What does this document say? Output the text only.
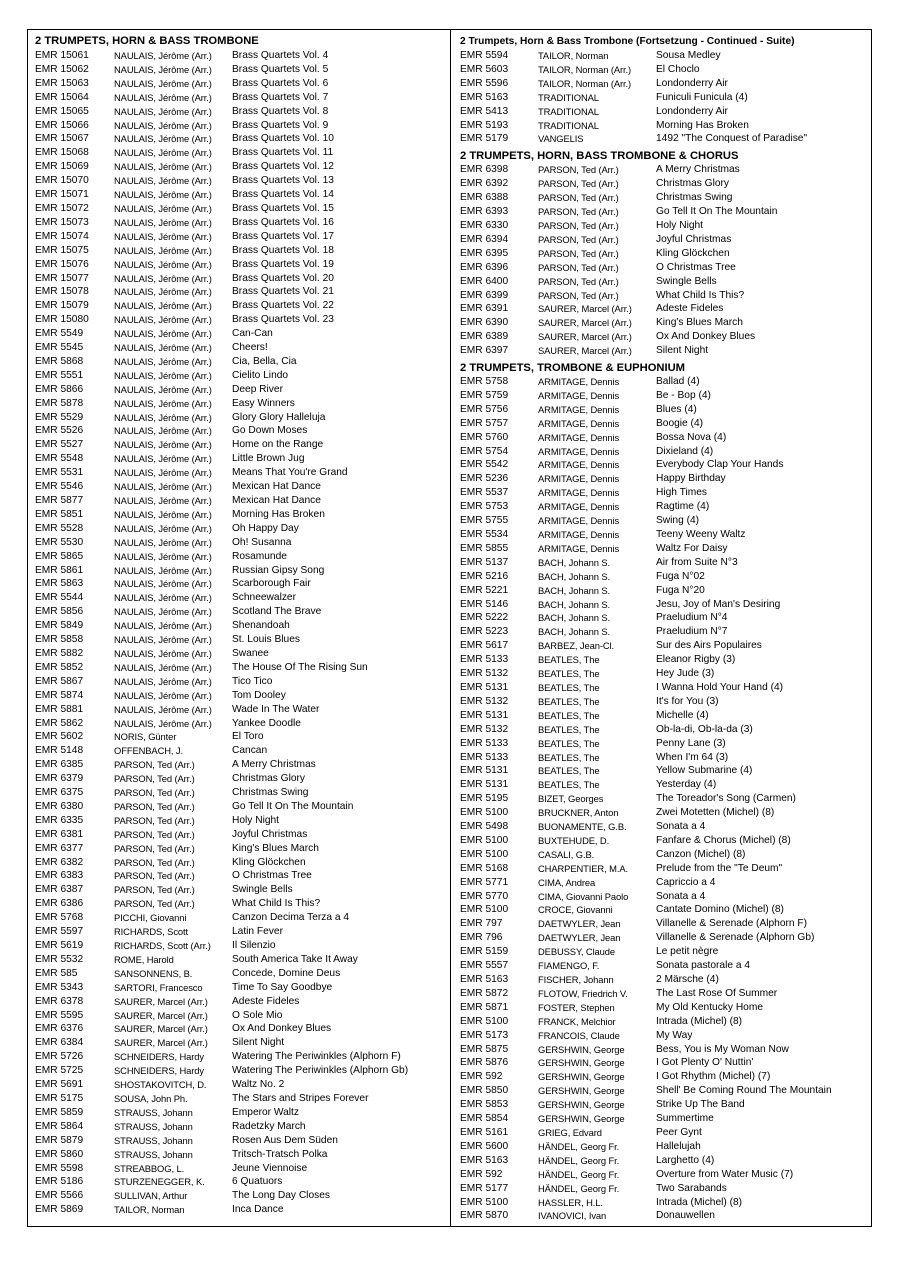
2 TRUMPETS, HORN & BASS TROMBONE
EMR 15061	NAULAIS, Jérôme (Arr.)	Brass Quartets Vol. 4
EMR 15062	NAULAIS, Jérôme (Arr.)	Brass Quartets Vol. 5
EMR 15063	NAULAIS, Jérôme (Arr.)	Brass Quartets Vol. 6
EMR 15064	NAULAIS, Jérôme (Arr.)	Brass Quartets Vol. 7
EMR 15065	NAULAIS, Jérôme (Arr.)	Brass Quartets Vol. 8
EMR 15066	NAULAIS, Jérôme (Arr.)	Brass Quartets Vol. 9
EMR 15067	NAULAIS, Jérôme (Arr.)	Brass Quartets Vol. 10
EMR 15068	NAULAIS, Jérôme (Arr.)	Brass Quartets Vol. 11
EMR 15069	NAULAIS, Jérôme (Arr.)	Brass Quartets Vol. 12
EMR 15070	NAULAIS, Jérôme (Arr.)	Brass Quartets Vol. 13
EMR 15071	NAULAIS, Jérôme (Arr.)	Brass Quartets Vol. 14
EMR 15072	NAULAIS, Jérôme (Arr.)	Brass Quartets Vol. 15
EMR 15073	NAULAIS, Jérôme (Arr.)	Brass Quartets Vol. 16
EMR 15074	NAULAIS, Jérôme (Arr.)	Brass Quartets Vol. 17
EMR 15075	NAULAIS, Jérôme (Arr.)	Brass Quartets Vol. 18
EMR 15076	NAULAIS, Jérôme (Arr.)	Brass Quartets Vol. 19
EMR 15077	NAULAIS, Jérôme (Arr.)	Brass Quartets Vol. 20
EMR 15078	NAULAIS, Jérôme (Arr.)	Brass Quartets Vol. 21
EMR 15079	NAULAIS, Jérôme (Arr.)	Brass Quartets Vol. 22
EMR 15080	NAULAIS, Jérôme (Arr.)	Brass Quartets Vol. 23
EMR 5549	NAULAIS, Jérôme (Arr.)	Can-Can
EMR 5545	NAULAIS, Jérôme (Arr.)	Cheers!
EMR 5868	NAULAIS, Jérôme (Arr.)	Cia, Bella, Cia
EMR 5551	NAULAIS, Jérôme (Arr.)	Cielito Lindo
EMR 5866	NAULAIS, Jérôme (Arr.)	Deep River
EMR 5878	NAULAIS, Jérôme (Arr.)	Easy Winners
EMR 5529	NAULAIS, Jérôme (Arr.)	Glory Glory Halleluja
EMR 5526	NAULAIS, Jérôme (Arr.)	Go Down Moses
EMR 5527	NAULAIS, Jérôme (Arr.)	Home on the Range
EMR 5548	NAULAIS, Jérôme (Arr.)	Little Brown Jug
EMR 5531	NAULAIS, Jérôme (Arr.)	Means That You're Grand
EMR 5546	NAULAIS, Jérôme (Arr.)	Mexican Hat Dance
EMR 5877	NAULAIS, Jérôme (Arr.)	Mexican Hat Dance
EMR 5851	NAULAIS, Jérôme (Arr.)	Morning Has Broken
EMR 5528	NAULAIS, Jérôme (Arr.)	Oh Happy Day
EMR 5530	NAULAIS, Jérôme (Arr.)	Oh! Susanna
EMR 5865	NAULAIS, Jérôme (Arr.)	Rosamunde
EMR 5861	NAULAIS, Jérôme (Arr.)	Russian Gipsy Song
EMR 5863	NAULAIS, Jérôme (Arr.)	Scarborough Fair
EMR 5544	NAULAIS, Jérôme (Arr.)	Schneewalzer
EMR 5856	NAULAIS, Jérôme (Arr.)	Scotland The Brave
EMR 5849	NAULAIS, Jérôme (Arr.)	Shenandoah
EMR 5858	NAULAIS, Jérôme (Arr.)	St. Louis Blues
EMR 5882	NAULAIS, Jérôme (Arr.)	Swanee
EMR 5852	NAULAIS, Jérôme (Arr.)	The House Of The Rising Sun
EMR 5867	NAULAIS, Jérôme (Arr.)	Tico Tico
EMR 5874	NAULAIS, Jérôme (Arr.)	Tom Dooley
EMR 5881	NAULAIS, Jérôme (Arr.)	Wade In The Water
EMR 5862	NAULAIS, Jérôme (Arr.)	Yankee Doodle
EMR 5602	NORIS, Günter	El Toro
EMR 5148	OFFENBACH, J.	Cancan
EMR 6385	PARSON, Ted (Arr.)	A Merry Christmas
EMR 6379	PARSON, Ted (Arr.)	Christmas Glory
EMR 6375	PARSON, Ted (Arr.)	Christmas Swing
EMR 6380	PARSON, Ted (Arr.)	Go Tell It On The Mountain
EMR 6335	PARSON, Ted (Arr.)	Holy Night
EMR 6381	PARSON, Ted (Arr.)	Joyful Christmas
EMR 6377	PARSON, Ted (Arr.)	King's Blues March
EMR 6382	PARSON, Ted (Arr.)	Kling Glöckchen
EMR 6383	PARSON, Ted (Arr.)	O Christmas Tree
EMR 6387	PARSON, Ted (Arr.)	Swingle Bells
EMR 6386	PARSON, Ted (Arr.)	What Child Is This?
EMR 5768	PICCHI, Giovanni	Canzon Decima Terza a 4
EMR 5597	RICHARDS, Scott	Latin Fever
EMR 5619	RICHARDS, Scott (Arr.)	Il Silenzio
EMR 5532	ROME, Harold	South America Take It Away
EMR 585	SANSONNENS, B.	Concede, Domine Deus
EMR 5343	SARTORI, Francesco	Time To Say Goodbye
EMR 6378	SAURER, Marcel (Arr.)	Adeste Fideles
EMR 5595	SAURER, Marcel (Arr.)	O Sole Mio
EMR 6376	SAURER, Marcel (Arr.)	Ox And Donkey Blues
EMR 6384	SAURER, Marcel (Arr.)	Silent Night
EMR 5726	SCHNEIDERS, Hardy	Watering The Periwinkles (Alphorn F)
EMR 5725	SCHNEIDERS, Hardy	Watering The Periwinkles (Alphorn Gb)
EMR 5691	SHOSTAKOVITCH, D.	Waltz No. 2
EMR 5175	SOUSA, John Ph.	The Stars and Stripes Forever
EMR 5859	STRAUSS, Johann	Emperor Waltz
EMR 5864	STRAUSS, Johann	Radetzky March
EMR 5879	STRAUSS, Johann	Rosen Aus Dem Süden
EMR 5860	STRAUSS, Johann	Tritsch-Tratsch Polka
EMR 5598	STREABBOG, L.	Jeune Viennoise
EMR 5186	STURZENEGGER, K.	6 Quatuors
EMR 5566	SULLIVAN, Arthur	The Long Day Closes
EMR 5869	TAILOR, Norman	Inca Dance
2 Trumpets, Horn & Bass Trombone (Fortsetzung - Continued - Suite)
EMR 5594	TAILOR, Norman	Sousa Medley
EMR 5603	TAILOR, Norman (Arr.)	El Choclo
EMR 5596	TAILOR, Norman (Arr.)	Londonderry Air
EMR 5163	TRADITIONAL	Funiculi Funicula (4)
EMR 5413	TRADITIONAL	Londonderry Air
EMR 5193	TRADITIONAL	Morning Has Broken
EMR 5179	VANGELIS	1492 "The Conquest of Paradise"
2 TRUMPETS, HORN, BASS TROMBONE & CHORUS
EMR 6398	PARSON, Ted (Arr.)	A Merry Christmas
EMR 6392	PARSON, Ted (Arr.)	Christmas Glory
EMR 6388	PARSON, Ted (Arr.)	Christmas Swing
EMR 6393	PARSON, Ted (Arr.)	Go Tell It On The Mountain
EMR 6330	PARSON, Ted (Arr.)	Holy Night
EMR 6394	PARSON, Ted (Arr.)	Joyful Christmas
EMR 6395	PARSON, Ted (Arr.)	Kling Glöckchen
EMR 6396	PARSON, Ted (Arr.)	O Christmas Tree
EMR 6400	PARSON, Ted (Arr.)	Swingle Bells
EMR 6399	PARSON, Ted (Arr.)	What Child Is This?
EMR 6391	SAURER, Marcel (Arr.)	Adeste Fideles
EMR 6390	SAURER, Marcel (Arr.)	King's Blues March
EMR 6389	SAURER, Marcel (Arr.)	Ox And Donkey Blues
EMR 6397	SAURER, Marcel (Arr.)	Silent Night
2 TRUMPETS, TROMBONE & EUPHONIUM
EMR 5758	ARMITAGE, Dennis	Ballad (4)
EMR 5759	ARMITAGE, Dennis	Be - Bop (4)
EMR 5756	ARMITAGE, Dennis	Blues (4)
EMR 5757	ARMITAGE, Dennis	Boogie (4)
EMR 5760	ARMITAGE, Dennis	Bossa Nova (4)
EMR 5754	ARMITAGE, Dennis	Dixieland (4)
EMR 5542	ARMITAGE, Dennis	Everybody Clap Your Hands
EMR 5236	ARMITAGE, Dennis	Happy Birthday
EMR 5537	ARMITAGE, Dennis	High Times
EMR 5753	ARMITAGE, Dennis	Ragtime (4)
EMR 5755	ARMITAGE, Dennis	Swing (4)
EMR 5534	ARMITAGE, Dennis	Teeny Weeny Waltz
EMR 5855	ARMITAGE, Dennis	Waltz For Daisy
EMR 5137	BACH, Johann S.	Air from Suite N°3
EMR 5216	BACH, Johann S.	Fuga N°02
EMR 5221	BACH, Johann S.	Fuga N°20
EMR 5146	BACH, Johann S.	Jesu, Joy of Man's Desiring
EMR 5222	BACH, Johann S.	Praeludium N°4
EMR 5223	BACH, Johann S.	Praeludium N°7
EMR 5617	BARBEZ, Jean-Cl.	Sur des Airs Populaires
EMR 5133	BEATLES, The	Eleanor Rigby (3)
EMR 5132	BEATLES, The	Hey Jude (3)
EMR 5131	BEATLES, The	I Wanna Hold Your Hand (4)
EMR 5132	BEATLES, The	It's for You (3)
EMR 5131	BEATLES, The	Michelle (4)
EMR 5132	BEATLES, The	Ob-la-di, Ob-la-da (3)
EMR 5133	BEATLES, The	Penny Lane (3)
EMR 5133	BEATLES, The	When I'm 64 (3)
EMR 5131	BEATLES, The	Yellow Submarine (4)
EMR 5131	BEATLES, The	Yesterday (4)
EMR 5195	BIZET, Georges	The Toreador's Song (Carmen)
EMR 5100	BRUCKNER, Anton	Zwei Motetten (Michel) (8)
EMR 5498	BUONAMENTE, G.B.	Sonata a 4
EMR 5100	BUXTEHUDE, D.	Fanfare & Chorus (Michel) (8)
EMR 5100	CASALI, G.B.	Canzon (Michel) (8)
EMR 5168	CHARPENTIER, M.A.	Prelude from the "Te Deum"
EMR 5771	CIMA, Andrea	Capriccio a 4
EMR 5770	CIMA, Giovanni Paolo	Sonata a 4
EMR 5100	CROCE, Giovanni	Cantate Domino (Michel) (8)
EMR 797	DAETWYLER, Jean	Villanelle & Serenade (Alphorn F)
EMR 796	DAETWYLER, Jean	Villanelle & Serenade (Alphorn Gb)
EMR 5159	DEBUSSY, Claude	Le petit nègre
EMR 5557	FIAMENGO, F.	Sonata pastorale a 4
EMR 5163	FISCHER, Johann	2 Märsche (4)
EMR 5872	FLOTOW, Friedrich V.	The Last Rose Of Summer
EMR 5871	FOSTER, Stephen	My Old Kentucky Home
EMR 5100	FRANCK, Melchior	Intrada (Michel) (8)
EMR 5173	FRANCOIS, Claude	My Way
EMR 5875	GERSHWIN, George	Bess, You is My Woman Now
EMR 5876	GERSHWIN, George	I Got Plenty O' Nuttin'
EMR 592	GERSHWIN, George	I Got Rhythm (Michel) (7)
EMR 5850	GERSHWIN, George	Shell' Be Coming Round The Mountain
EMR 5853	GERSHWIN, George	Strike Up The Band
EMR 5854	GERSHWIN, George	Summertime
EMR 5161	GRIEG, Edvard	Peer Gynt
EMR 5600	HÄNDEL, Georg Fr.	Hallelujah
EMR 5163	HÄNDEL, Georg Fr.	Larghetto (4)
EMR 592	HÄNDEL, Georg Fr.	Overture from Water Music (7)
EMR 5177	HÄNDEL, Georg Fr.	Two Sarabands
EMR 5100	HASSLER, H.L.	Intrada (Michel) (8)
EMR 5870	IVANOVICI, Ivan	Donauwellen
